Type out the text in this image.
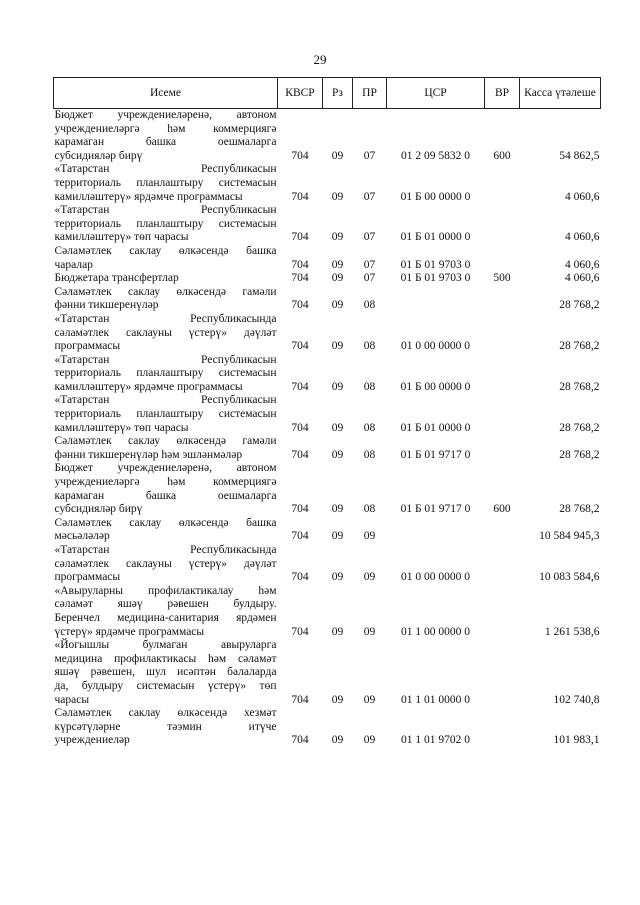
29
Исеме	КВСР	Рз	ПР	ЦСР	ВР	Касса үтәлеше

Бюджет учреждениеләренә, автоном
учреждениеләргә һәм коммерциягә
карамаган башка оешмаларга
субсидияләр бирү	704	09	07	01 2 09 5832 0	600	54 862,5

«Татарстан Республикасын
территориаль планлаштыру системасын
камилләштерү» ярдәмче программасы	704	09	07	01 Б 00 0000 0		4 060,6

«Татарстан Республикасын
территориаль планлаштыру системасын
камилләштерү» төп чарасы	704	09	07	01 Б 01 0000 0		4 060,6

Сәламәтлек саклау өлкәсендә башка
чаралар	704	09	07	01 Б 01 9703 0		4 060,6

Бюджетара трансфертлар	704	09	07	01 Б 01 9703 0	500	4 060,6

Сәламәтлек саклау өлкәсендә гамәли
фәнни тикшеренүләр	704	09	08			28 768,2

«Татарстан Республикасында
сәламәтлек саклауны үстерү» дәүләт
программасы	704	09	08	01 0 00 0000 0		28 768,2

«Татарстан Республикасын
территориаль планлаштыру системасын
камилләштерү» ярдәмче программасы	704	09	08	01 Б 00 0000 0		28 768,2

«Татарстан Республикасын
территориаль планлаштыру системасын
камилләштерү» төп чарасы	704	09	08	01 Б 01 0000 0		28 768,2

Сәламәтлек саклау өлкәсендә гамәли
фәнни тикшеренүләр һәм эшләнмәләр	704	09	08	01 Б 01 9717 0		28 768,2

Бюджет учреждениеләренә, автоном
учреждениеләргә һәм коммерциягә
карамаган башка оешмаларга
субсидияләр бирү	704	09	08	01 Б 01 9717 0	600	28 768,2

Сәламәтлек саклау өлкәсендә башка
мәсьәләләр	704	09	09			10 584 945,3

«Татарстан Республикасында
сәламәтлек саклауны үстерү» дәүләт
программасы	704	09	09	01 0 00 0000 0		10 083 584,6

«Авыруларны профилактикалау һәм
сәламәт яшәү рәвешен булдыру.
Беренчел медицина-санитария ярдәмен
үстерү» ярдәмче программасы	704	09	09	01 1 00 0000 0		1 261 538,6

«Йогышлы булмаган авыруларга
медицина профилактикасы һәм сәламәт
яшәү рәвешен, шул исәптән балаларда
да, булдыру системасын үстерү» төп
чарасы	704	09	09	01 1 01 0000 0		102 740,8

Сәламәтлек саклау өлкәсендә хезмәт
күрсәтүләрне тәэмин итүче
учреждениеләр	704	09	09	01 1 01 9702 0		101 983,1
